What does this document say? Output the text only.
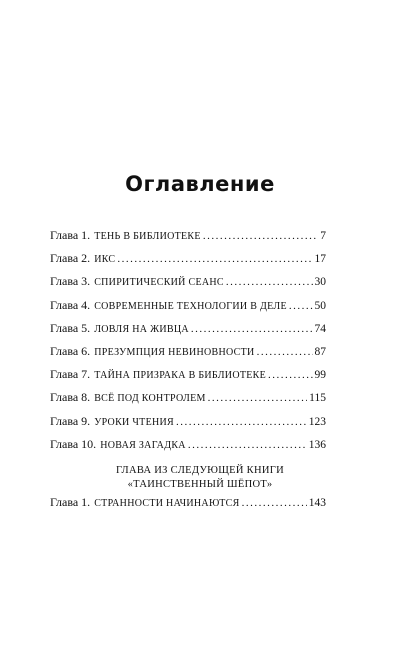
Оглавление
Глава 1. ТЕНЬ В БИБЛИОТЕКЕ .....	7
Глава 2. ИКС .....	17
Глава 3. СПИРИТИЧЕСКИЙ СЕАНС .....	30
Глава 4. СОВРЕМЕННЫЕ ТЕХНОЛОГИИ В ДЕЛЕ ..... 50
Глава 5. ЛОВЛЯ НА ЖИВЦА .....	74
Глава 6. ПРЕЗУМПЦИЯ НЕВИНОВНОСТИ .....	87
Глава 7. ТАЙНА ПРИЗРАКА В БИБЛИОТЕКЕ .....	99
Глава 8. ВСЁ ПОД КОНТРОЛЕМ .....	115
Глава 9. УРОКИ ЧТЕНИЯ .....	123
Глава 10. НОВАЯ ЗАГАДКА .....	136
ГЛАВА ИЗ СЛЕДУЮЩЕЙ КНИГИ
«ТАИНСТВЕННЫЙ ШЁПОТ»
Глава 1. СТРАННОСТИ НАЧИНАЮТСЯ .....	143
